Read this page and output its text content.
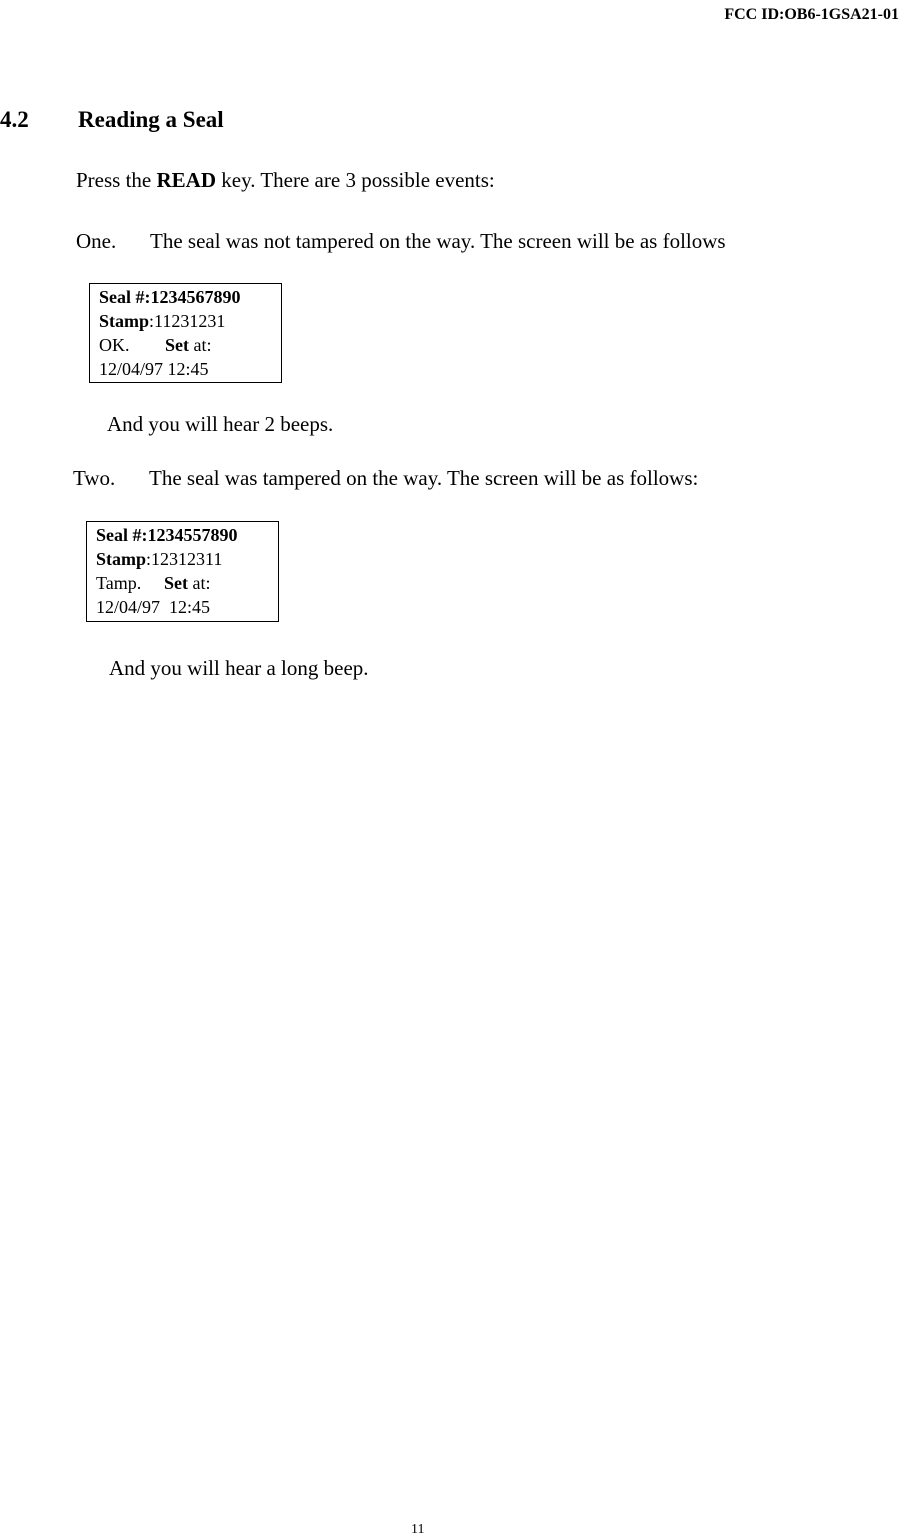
FCC ID:OB6-1GSA21-01
4.2 Reading a Seal
Press the READ key. There are 3 possible events:
One. The seal was not tampered on the way. The screen will be as follows
Seal #:1234567890
Stamp:11231231
OK. Set at:
12/04/97 12:45
And you will hear 2 beeps.
Two. The seal was tampered on the way. The screen will be as follows:
Seal #:1234557890
Stamp:12312311
Tamp. Set at:
12/04/97  12:45
And you will hear a long beep.
11
